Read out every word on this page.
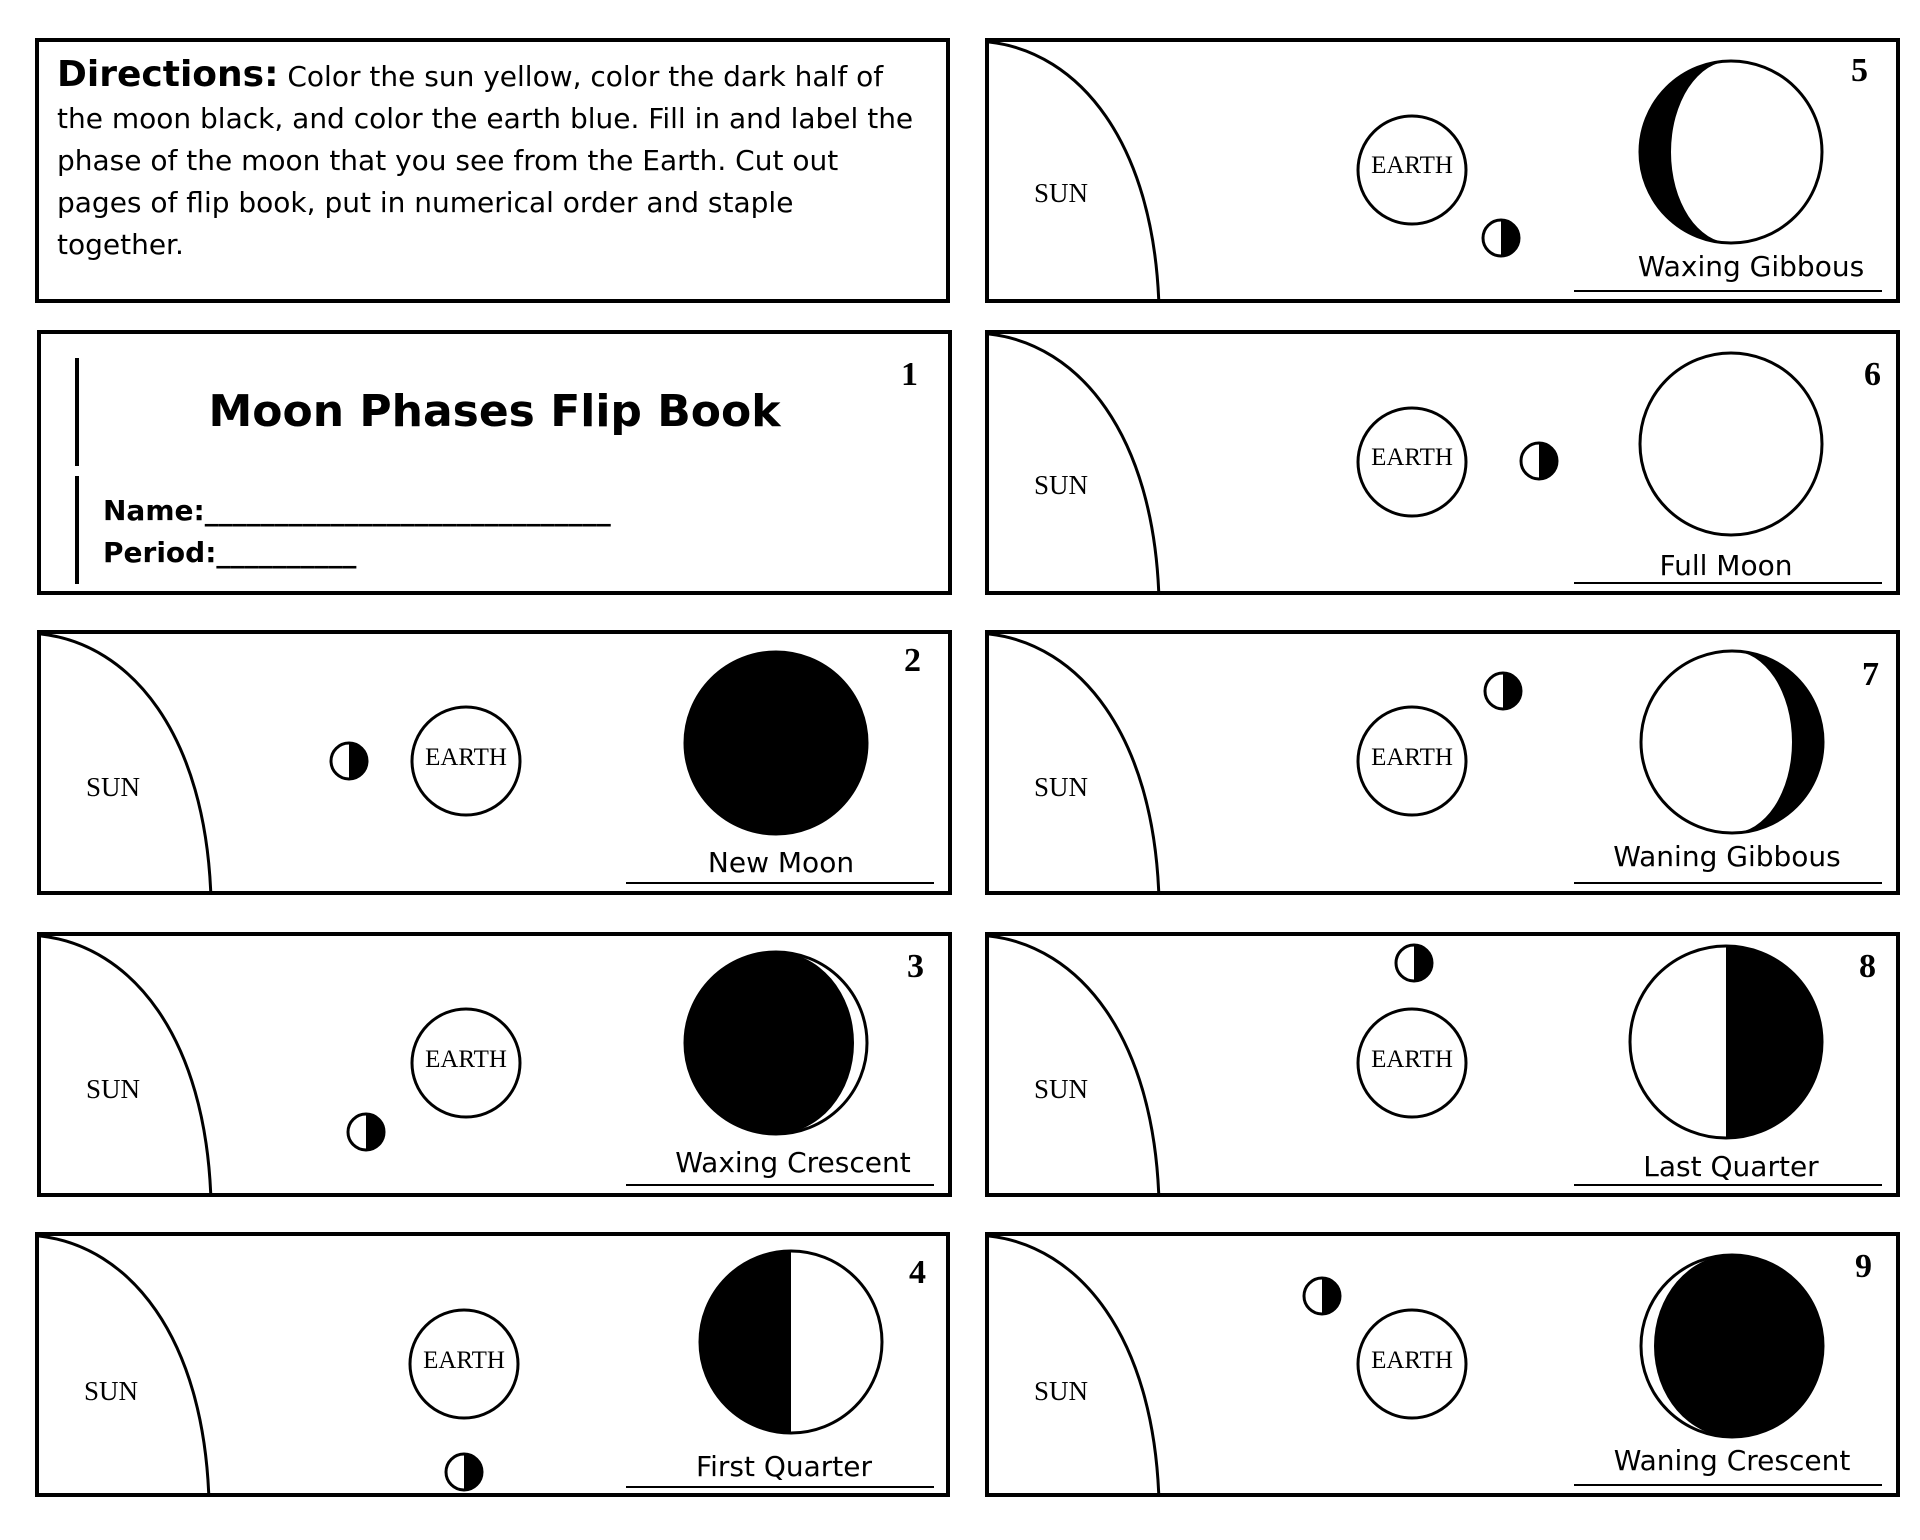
Directions: Color the sun yellow, color the dark half of the moon black, and color the earth blue. Fill in and label the phase of the moon that you see from the Earth. Cut out pages of flip book, put in numerical order and staple together.
1
Moon Phases Flip Book
Name:_____________________________
Period:__________
2
SUN
EARTH
New Moon
3
SUN
EARTH
Waxing Crescent
4
SUN
EARTH
First Quarter
5
SUN
EARTH
Waxing Gibbous
6
SUN
EARTH
Full Moon
7
SUN
EARTH
Waning Gibbous
8
SUN
EARTH
Last Quarter
9
SUN
EARTH
Waning Crescent
